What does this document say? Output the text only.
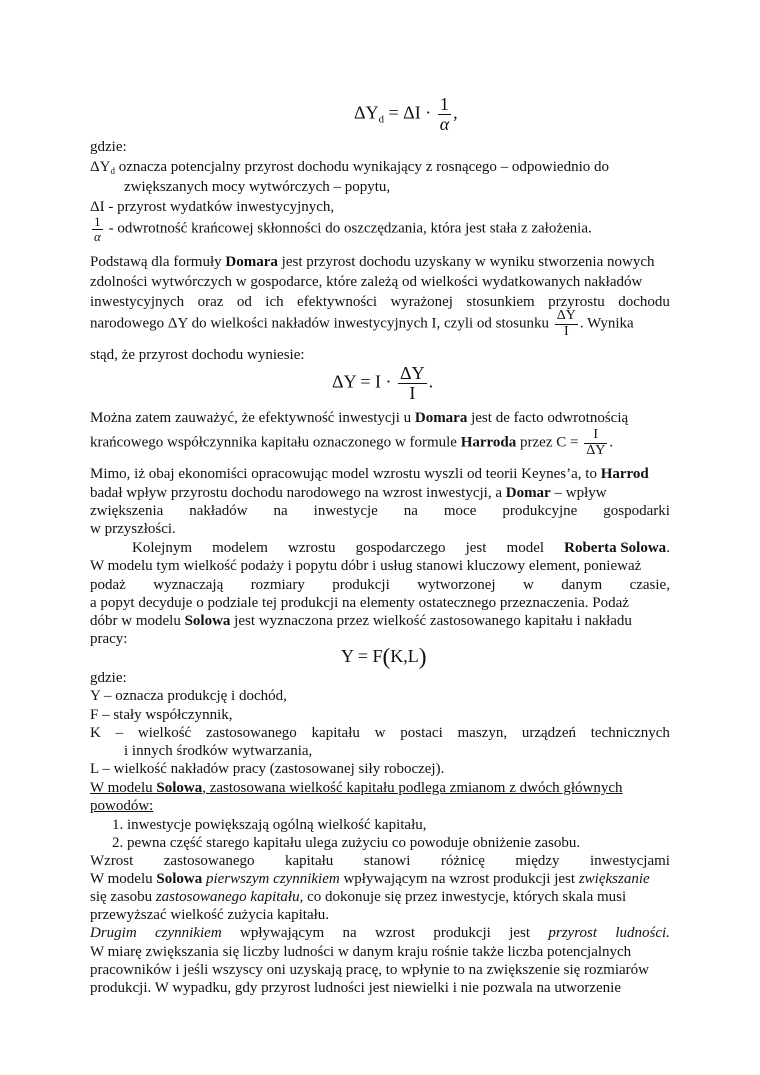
$\Delta Y_d = \Delta I \cdot \frac{1}{\alpha}$ ,
gdzie:
$\Delta Y_d$ oznacza potencjalny przyrost dochodu wynikający z rosnącego – odpowiednio do
zwiększanych mocy wytwórczych – popytu,
ΔI - przyrost wydatków inwestycyjnych,
$\frac{1}{\alpha}$ - odwrotność krańcowej skłonności do oszczędzania, która jest stała z założenia.
Podstawą dla formuły Domara jest przyrost dochodu uzyskany w wyniku stworzenia nowych
zdolności wytwórczych w gospodarce, które zależą od wielkości wydatkowanych nakładów
inwestycyjnych oraz od ich efektywności wyrażonej stosunkiem przyrostu dochodu
narodowego ΔY do wielkości nakładów inwestycyjnych I, czyli od stosunku $\frac{\Delta Y}{I}$ . Wynika
stąd, że przyrost dochodu wyniesie:
$\Delta Y = I \cdot \frac{\Delta Y}{I}$ .
Można zatem zauważyć, że efektywność inwestycji u Domara jest de facto odwrotnością
krańcowego współczynnika kapitału oznaczonego w formule Harroda przez $C = \frac{I}{\Delta Y}$ .
Mimo, iż obaj ekonomiści opracowując model wzrostu wyszli od teorii Keynes’a, to Harrod
badał wpływ przyrostu dochodu narodowego na wzrost inwestycji, a Domar – wpływ
zwiększenia nakładów na inwestycje na moce produkcyjne gospodarki
w przyszłości.
Kolejnym modelem wzrostu gospodarczego jest model Roberta Solowa.
W modelu tym wielkość podaży i popytu dóbr i usług stanowi kluczowy element, ponieważ
podaż wyznaczają rozmiary produkcji wytworzonej w danym czasie,
a popyt decyduje o podziale tej produkcji na elementy ostatecznego przeznaczenia. Podaż
dóbr w modelu Solowa jest wyznaczona przez wielkość zastosowanego kapitału i nakładu
pracy:
Y = F(K,L)
gdzie:
Y – oznacza produkcję i dochód,
F – stały współczynnik,
K – wielkość zastosowanego kapitału w postaci maszyn, urządzeń technicznych
i innych środków wytwarzania,
L – wielkość nakładów pracy (zastosowanej siły roboczej).
W modelu Solowa, zastosowana wielkość kapitału podlega zmianom z dwóch głównych
powodów:
1. inwestycje powiększają ogólną wielkość kapitału,
2. pewna część starego kapitału ulega zużyciu co powoduje obniżenie zasobu.
Wzrost zastosowanego kapitału stanowi różnicę między inwestycjami
W modelu Solowa pierwszym czynnikiem wpływającym na wzrost produkcji jest zwiększanie
się zasobu zastosowanego kapitału, co dokonuje się przez inwestycje, których skala musi
przewyższać wielkość zużycia kapitału.
Drugim czynnikiem wpływającym na wzrost produkcji jest przyrost ludności.
W miarę zwiększania się liczby ludności w danym kraju rośnie także liczba potencjalnych
pracowników i jeśli wszyscy oni uzyskają pracę, to wpłynie to na zwiększenie się rozmiarów
produkcji. W wypadku, gdy przyrost ludności jest niewielki i nie pozwala na utworzenie
